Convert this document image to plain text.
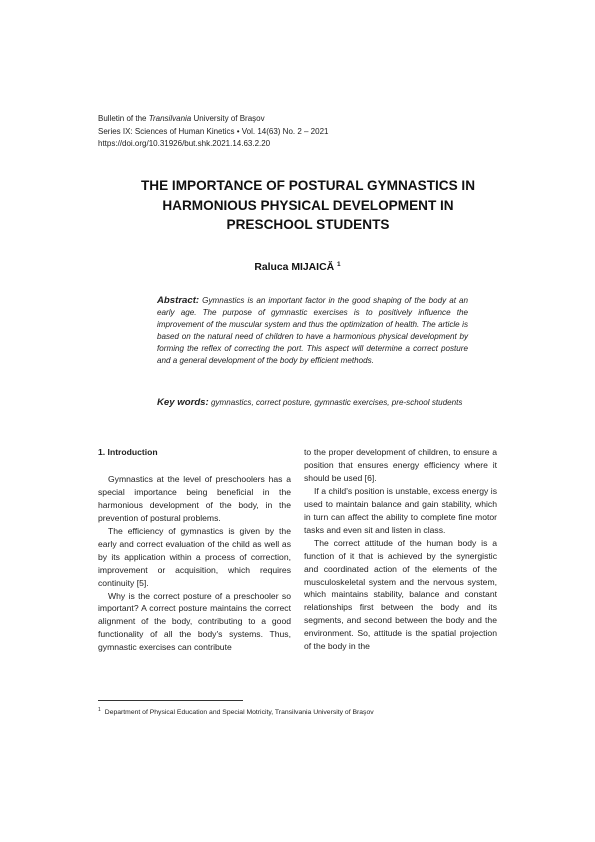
Bulletin of the Transilvania University of Braşov
Series IX: Sciences of Human Kinetics • Vol. 14(63) No. 2 – 2021
https://doi.org/10.31926/but.shk.2021.14.63.2.20
THE IMPORTANCE OF POSTURAL GYMNASTICS IN
HARMONIOUS PHYSICAL DEVELOPMENT IN
PRESCHOOL STUDENTS
Raluca MIJAICĂ $^1$
Abstract: Gymnastics is an important factor in the good shaping of the body at an early age. The purpose of gymnastic exercises is to positively influence the improvement of the muscular system and thus the optimization of health. The article is based on the natural need of children to have a harmonious physical development by forming the reflex of correcting the port. This aspect will determine a correct posture and a general development of the body by efficient methods.
Key words: gymnastics, correct posture, gymnastic exercises, pre-school students

1. Introduction

Gymnastics at the level of preschoolers has a special importance being beneficial in the harmonious development of the body, in the prevention of postural problems.

The efficiency of gymnastics is given by the early and correct evaluation of the child as well as by its application within a process of correction, improvement or acquisition, which requires continuity [5].

Why is the correct posture of a preschooler so important? A correct posture maintains the correct alignment of the body, contributing to a good functionality of all the body's systems. Thus, gymnastic exercises can contribute

to the proper development of children, to ensure a position that ensures energy efficiency where it should be used [6].

If a child's position is unstable, excess energy is used to maintain balance and gain stability, which in turn can affect the ability to complete fine motor tasks and even sit and listen in class.

The correct attitude of the human body is a function of it that is achieved by the synergistic and coordinated action of the elements of the musculoskeletal system and the nervous system, which maintains stability, balance and constant relationships first between the body and its segments, and second between the body and the environment. So, attitude is the spatial projection of the body in the

$^1$ Department of Physical Education and Special Motricity, Transilvania University of Braşov
